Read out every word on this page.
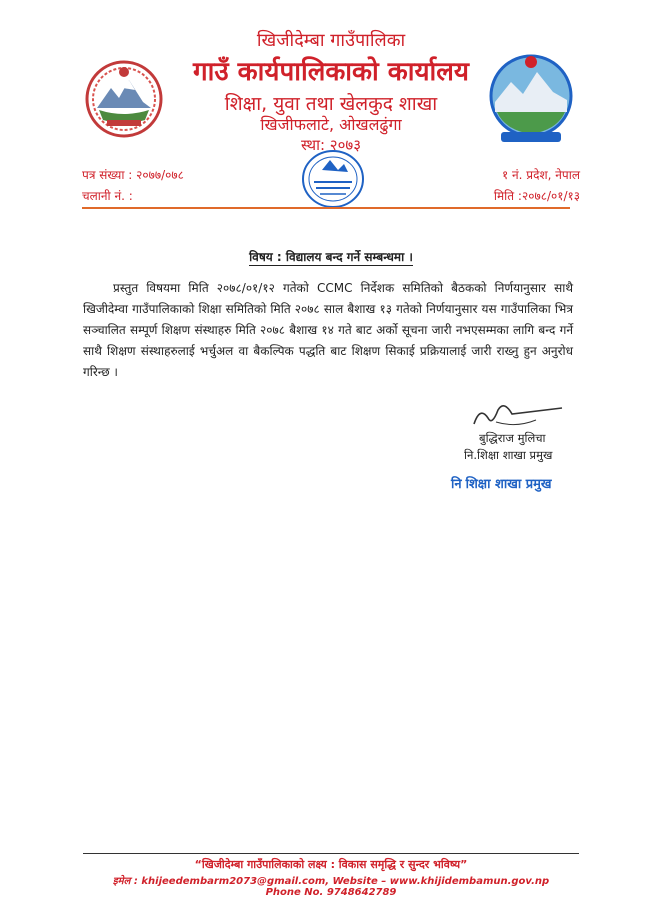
खिजीदेम्बा गाउँपालिका
गाउँ कार्यपालिकाको कार्यालय
शिक्षा, युवा तथा खेलकुद शाखा
खिजीफलाटे, ओखलढुंगा
स्था: २०७३
पत्र संख्या : २०७७/०७८
चलानी नं. :
१ नं. प्रदेश, नेपाल
मिति :२०७८/०१/१३
विषय : विद्यालय बन्द गर्ने सम्बन्धमा ।
प्रस्तुत विषयमा मिति २०७८/०१/१२ गतेको CCMC निर्देशक समितिको बैठकको निर्णयानुसार साथै खिजीदेम्वा गाउँपालिकाको शिक्षा समितिको मिति २०७८ साल बैशाख १३ गतेको निर्णयानुसार यस गाउँपालिका भित्र सञ्चालित सम्पूर्ण शिक्षण संस्थाहरु मिति २०७८ बैशाख १४ गते बाट अर्को सूचना जारी नभएसम्मका लागि बन्द गर्ने साथै शिक्षण संस्थाहरुलाई भर्चुअल वा बैकल्पिक पद्धति बाट शिक्षण सिकाई प्रक्रियालाई जारी राख्नु हुन अनुरोध गरिन्छ ।
बुद्धिराज मुलिचा
नि.शिक्षा शाखा प्रमुख
नि शिक्षा शाखा प्रमुख
“खिजीदेम्बा गाउँपालिकाको लक्ष्य : विकास समृद्धि र सुन्दर भविष्य”
इमेल : khijeedembarm2073@gmail.com, Website – www.khijidembamun.gov.np
Phone No. 9748642789
